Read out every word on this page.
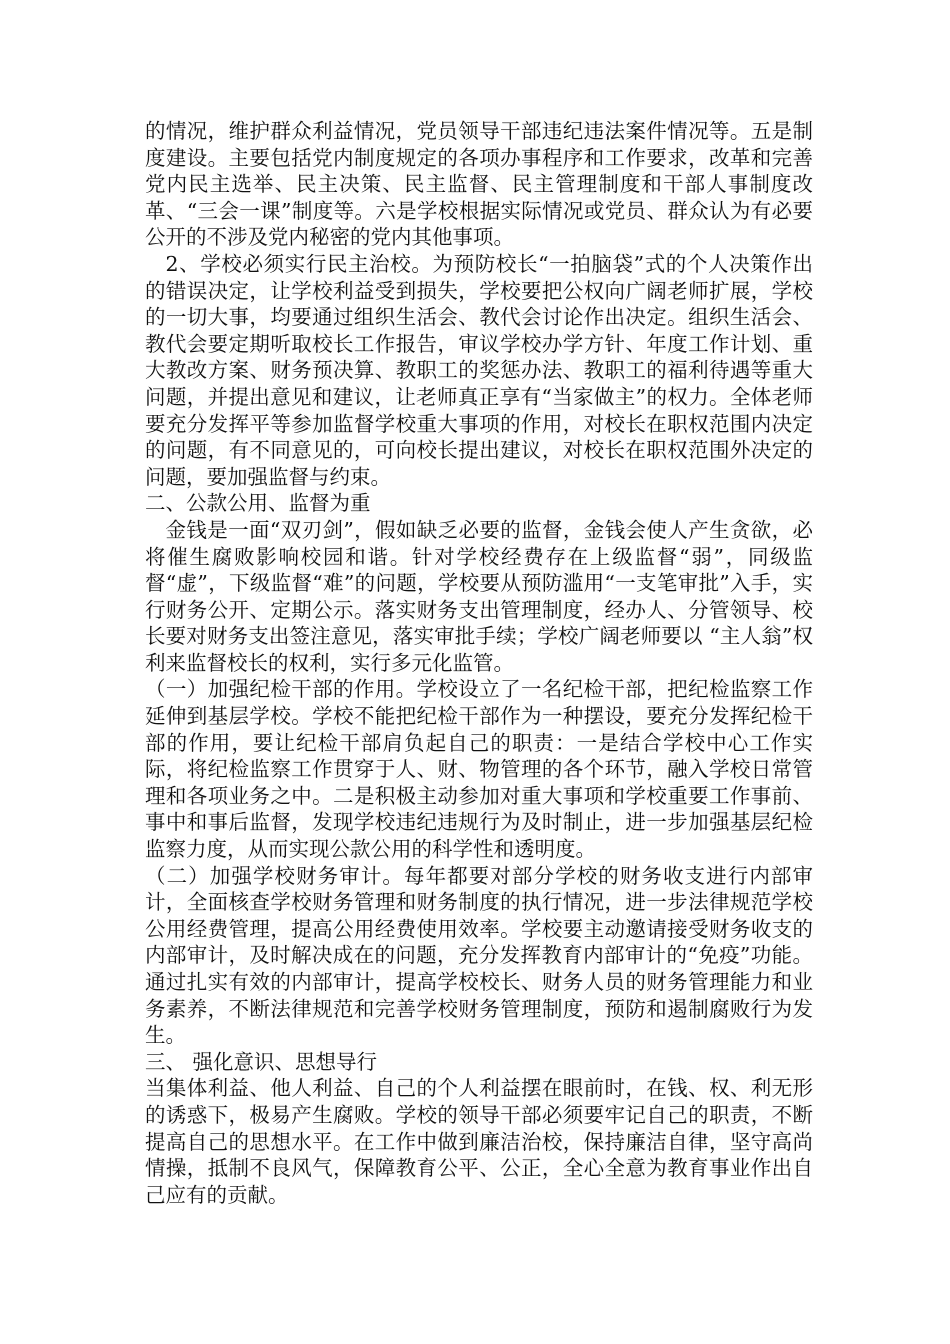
的情况，维护群众利益情况，党员领导干部违纪违法案件情况等。五是制度建设。主要包括党内制度规定的各项办事程序和工作要求，改革和完善党内民主选举、民主决策、民主监督、民主管理制度和干部人事制度改革、“三会一课”制度等。六是学校根据实际情况或党员、群众认为有必要公开的不涉及党内秘密的党内其他事项。

2、学校必须实行民主治校。为预防校长“一拍脑袋”式的个人决策作出的错误决定，让学校利益受到损失，学校要把公权向广阔老师扩展，学校的一切大事，均要通过组织生活会、教代会讨论作出决定。组织生活会、教代会要定期听取校长工作报告，审议学校办学方针、年度工作计划、重大教改方案、财务预决算、教职工的奖惩办法、教职工的福利待遇等重大问题，并提出意见和建议，让老师真正享有“当家做主”的权力。全体老师要充分发挥平等参加监督学校重大事项的作用，对校长在职权范围内决定的问题，有不同意见的，可向校长提出建议，对校长在职权范围外决定的问题，要加强监督与约束。

二、公款公用、监督为重

金钱是一面“双刃剑”，假如缺乏必要的监督，金钱会使人产生贪欲，必将催生腐败影响校园和谐。针对学校经费存在上级监督“弱”，同级监督“虚”，下级监督“难”的问题，学校要从预防滥用“一支笔审批”入手，实行财务公开、定期公示。落实财务支出管理制度，经办人、分管领导、校长要对财务支出签注意见，落实审批手续；学校广阔老师要以 “主人翁”权利来监督校长的权利，实行多元化监管。

（一）加强纪检干部的作用。学校设立了一名纪检干部，把纪检监察工作延伸到基层学校。学校不能把纪检干部作为一种摆设，要充分发挥纪检干部的作用，要让纪检干部肩负起自己的职责：一是结合学校中心工作实际，将纪检监察工作贯穿于人、财、物管理的各个环节，融入学校日常管理和各项业务之中。二是积极主动参加对重大事项和学校重要工作事前、事中和事后监督，发现学校违纪违规行为及时制止，进一步加强基层纪检监察力度，从而实现公款公用的科学性和透明度。

（二）加强学校财务审计。每年都要对部分学校的财务收支进行内部审计，全面核查学校财务管理和财务制度的执行情况，进一步法律规范学校公用经费管理，提高公用经费使用效率。学校要主动邀请接受财务收支的内部审计，及时解决成在的问题，充分发挥教育内部审计的“免疫”功能。通过扎实有效的内部审计，提高学校校长、财务人员的财务管理能力和业务素养，不断法律规范和完善学校财务管理制度，预防和遏制腐败行为发生。

三、 强化意识、思想导行

当集体利益、他人利益、自己的个人利益摆在眼前时，在钱、权、利无形的诱惑下，极易产生腐败。学校的领导干部必须要牢记自己的职责，不断提高自己的思想水平。在工作中做到廉洁治校，保持廉洁自律，坚守高尚情操，抵制不良风气，保障教育公平、公正，全心全意为教育事业作出自己应有的贡献。
